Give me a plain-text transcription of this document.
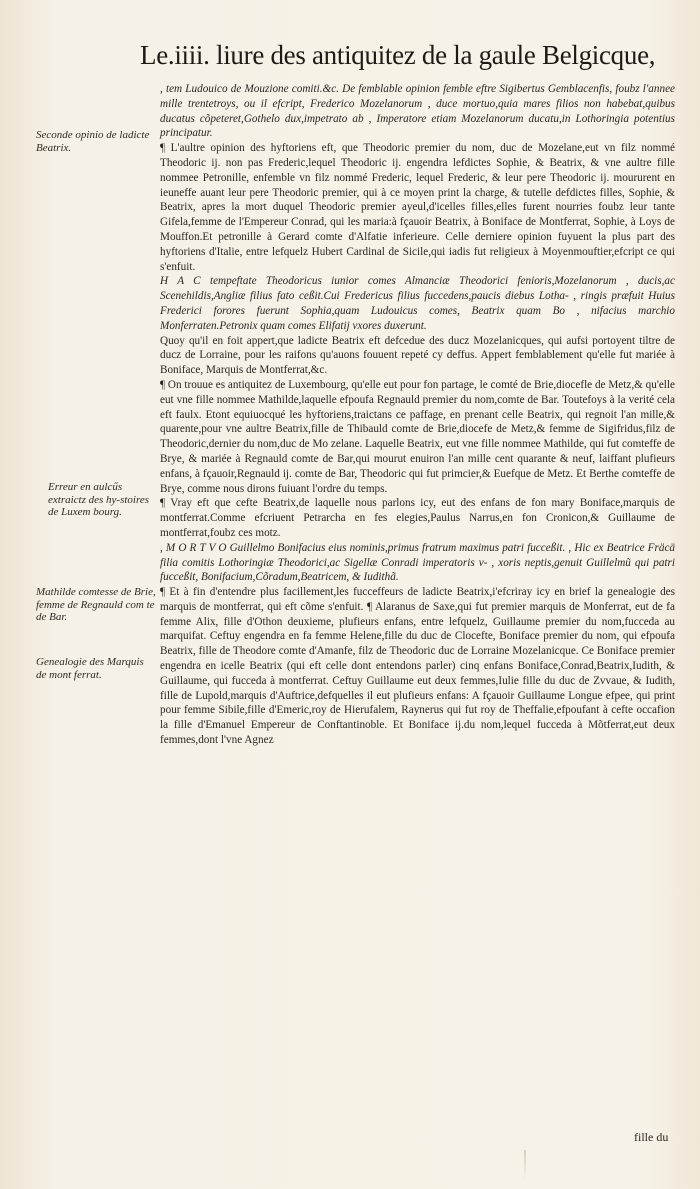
Le.iiii. liure des antiquitez de la gaule Belgicque,
Seconde opinio de ladicte Beatrix.
Erreur en aulcűs extraictz des hy-stoires de Luxem bourg.
Mathilde comtesse de Brie, femme de Regnauld com te de Bar.
Genealogie des Marquis de mont ferrat.

, tem Ludouico de Mouzione comiti.&c. De femblable opinion femble eftre Sigibertus Gemblacenfis, foubz l'annee mille trentetroys, ou il efcript, Frederico Mozelanorum , duce mortuo,quia mares filios non habebat,quibus ducatus cõpeteret,Gothelo dux,impetrato ab , Imperatore etiam Mozelanorum ducatu,in Lothoringia potentius principatur.

¶ L'aultre opinion des hyftoriens eft, que Theodoric premier du nom, duc de Mozelane,eut vn filz nommé Theodoric ij. non pas Frederic,lequel Theodoric ij. engendra lefdictes Sophie, & Beatrix, & vne aultre fille nommee Petronille, enfemble vn filz nommé Frederic, lequel Frederic, & leur pere Theodoric ij. moururent en ieuneffe auant leur pere Theodoric premier, qui à ce moyen print la charge, & tutelle defdictes filles, Sophie, & Beatrix, apres la mort duquel Theodoric premier ayeul,d'icelles filles,elles furent nourries foubz leur tante Gifela,femme de l'Empereur Conrad, qui les maria:à fçauoir Beatrix, à Boniface de Montferrat, Sophie, à Loys de Mouffon.Et petronille à Gerard comte d'Alfatie inferieure. Celle derniere opinion fuyuent la plus part des hyftoriens d'Italie, entre lefquelz Hubert Cardinal de Sicile,qui iadis fut religieux à Moyenmouftier,efcript ce qui s'enfuit.

H A C tempeftate Theodoricus iunior comes Almanciæ Theodorici fenioris,Mozelanorum , ducis,ac Scenehildis,Angliæ filius fato ceßit.Cui Fredericus filius fuccedens,paucis diebus Lotha- , ringis præfuit Huius Frederici forores fuerunt Sophia,quam Ludouicus comes, Beatrix quam Bo , nifacius marchio Monferraten.Petronix quam comes Elifatij vxores duxerunt.

Quoy qu'il en foit appert,que ladicte Beatrix eft defcedue des ducz Mozelanicques, qui aufsi portoyent tiltre de ducz de Lorraine, pour les raifons qu'auons fouuent repeté cy deffus. Appert femblablement qu'elle fut mariée à Boniface, Marquis de Montferrat,&c.

¶ On trouue es antiquitez de Luxembourg, qu'elle eut pour fon partage, le comté de Brie,diocefle de Metz,& qu'elle eut vne fille nommee Mathilde,laquelle efpoufa Regnauld premier du nom,comte de Bar. Toutefoys à la verité cela eft faulx. Etont equiuocqué les hyftoriens,traictans ce paffage, en prenant celle Beatrix, qui regnoit l'an mille,& quarente,pour vne aultre Beatrix,fille de Thibauld comte de Brie,diocefe de Metz,& femme de Sigifridus,filz de Theodoric,dernier du nom,duc de Mo zelane. Laquelle Beatrix, eut vne fille nommee Mathilde, qui fut comteffe de Brye, & mariée à Regnauld comte de Bar,qui mourut enuiron l'an mille cent quarante & neuf, laiffant plufieurs enfans, à fçauoir,Regnauld ij. comte de Bar, Theodoric qui fut primcier,& Euefque de Metz. Et Berthe comteffe de Brye, comme nous dirons fuiuant l'ordre du temps.

¶ Vray eft que cefte Beatrix,de laquelle nous parlons icy, eut des enfans de fon mary Boniface,marquis de montferrat.Comme efcriuent Petrarcha en fes elegies,Paulus Narrus,en fon Cronicon,& Guillaume de montferrat,foubz ces motz.

, M O R T V O Guillelmo Bonifacius eius nominis,primus fratrum maximus patri fucceßit. , Hic ex Beatrice Fräcä filia comitis Lothoringiæ Theodorici,ac Sigellæ Conradi imperatoris v- , xoris neptis,genuit Guillelmũ qui patri fucceßit, Bonifacium,Cõradum,Beatricem, & Iudithã.

¶ Et à fin d'entendre plus facillement,les fucceffeurs de ladicte Beatrix,i'efcriray icy en brief la genealogie des marquis de montferrat, qui eft cõme s'enfuit. ¶ Alaranus de Saxe,qui fut premier marquis de Monferrat, eut de fa femme Alix, fille d'Othon deuxieme, plufieurs enfans, entre lefquelz, Guillaume premier du nom,fucceda au marquifat. Ceftuy engendra en fa femme Helene,fille du duc de Clocefte, Boniface premier du nom, qui efpoufa Beatrix, fille de Theodore comte d'Amanfe, filz de Theodoric duc de Lorraine Mozelanicque. Ce Boniface premier engendra en icelle Beatrix (qui eft celle dont entendons parler) cinq enfans Boniface,Conrad,Beatrix,Iudith, & Guillaume, qui fucceda à montferrat. Ceftuy Guillaume eut deux femmes,Iulie fille du duc de Zvvaue, & Iudith, fille de Lupold,marquis d'Auftrice,defquelles il eut plufieurs enfans: A fçauoir Guillaume Longue efpee, qui print pour femme Sibile,fille d'Emeric,roy de Hierufalem, Raynerus qui fut roy de Theffalie,efpoufant à cefte occafion la fille d'Emanuel Empereur de Conftantinoble. Et Boniface ij.du nom,lequel fucceda à Mõtferrat,eut deux femmes,dont l'vne Agnez

fille du
